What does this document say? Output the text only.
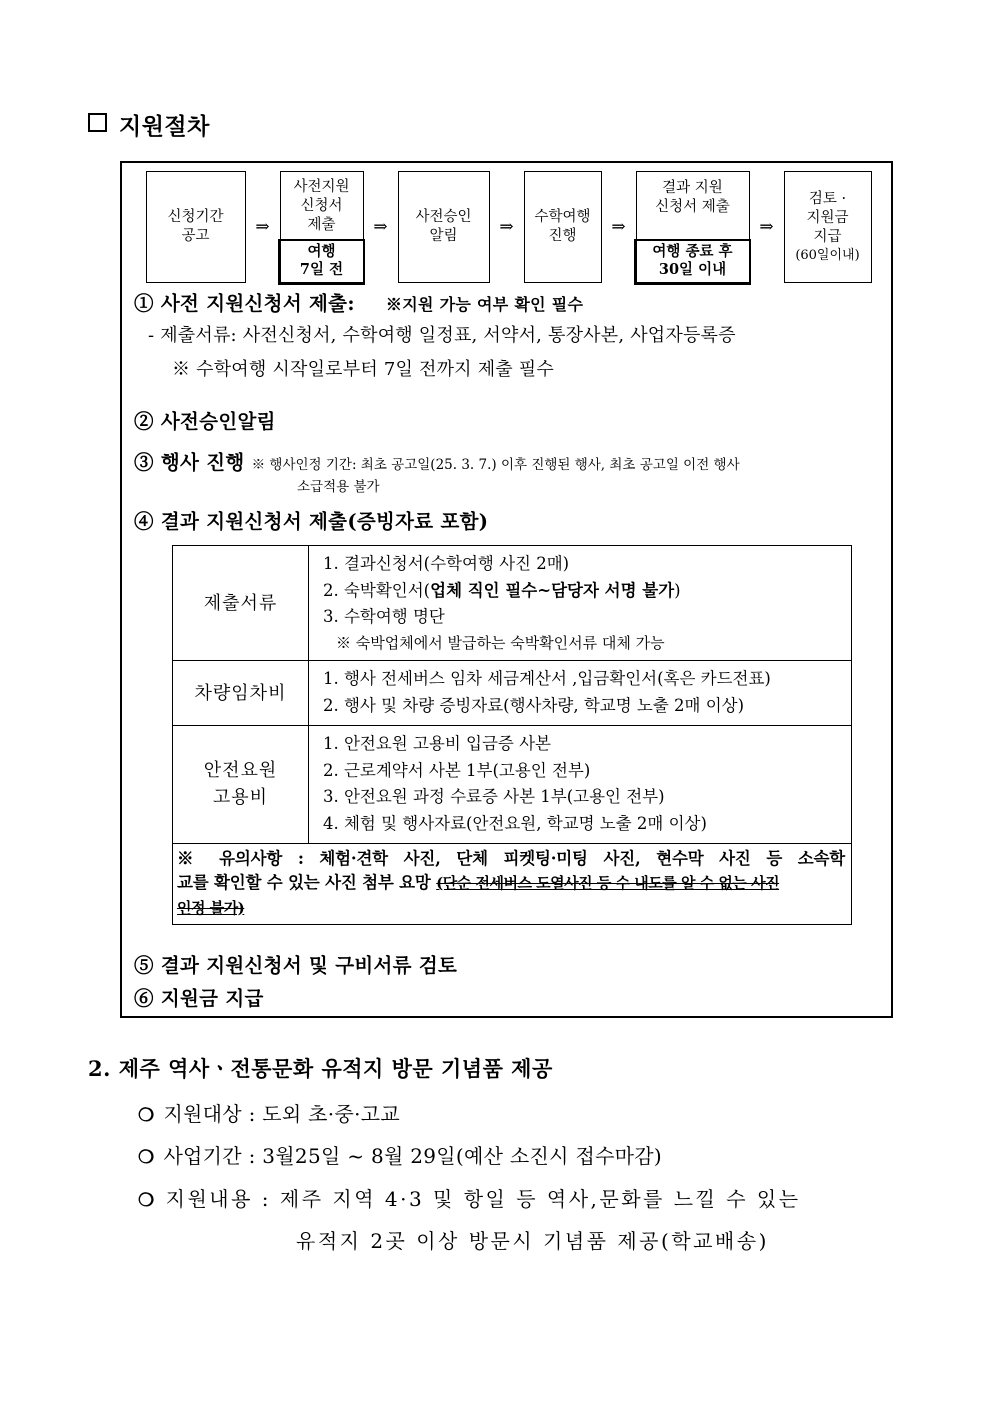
지원절차
신청기간
공고	⇒
사전지원
신청서
제출
여행
7일 전
⇒
사전승인
알림	⇒
수학여행
진행	⇒
결과 지원
신청서 제출
여행 종료 후
30일 이내
⇒
검토 ·
지원금
지급
(60일이내)
① 사전 지원신청서 제출: ※지원 가능 여부 확인 필수
- 제출서류: 사전신청서, 수학여행 일정표, 서약서, 통장사본, 사업자등록증
※ 수학여행 시작일로부터 7일 전까지 제출 필수
② 사전승인알림
③ 행사 진행 ※ 행사인정 기간: 최초 공고일(25. 3. 7.) 이후 진행된 행사, 최초 공고일 이전 행사
소급적용 불가
④ 결과 지원신청서 제출(증빙자료 포함)
제출서류	1. 결과신청서(수학여행 사진 2매)
2. 숙박확인서(업체 직인 필수~담당자 서명 불가)
3. 수학여행 명단
※ 숙박업체에서 발급하는 숙박확인서류 대체 가능

차량임차비	1. 행사 전세버스 임차 세금계산서 ,입금확인서(혹은 카드전표)
2. 행사 및 차량 증빙자료(행사차량, 학교명 노출 2매 이상)

안전요원
고용비

1. 안전요원 고용비 입금증 사본
2. 근로계약서 사본 1부(고용인 전부)
3. 안전요원 과정 수료증 사본 1부(고용인 전부)
4. 체험 및 행사자료(안전요원, 학교명 노출 2매 이상)

※ 유의사항 : 체험·견학 사진, 단체 피켓팅·미팅 사진, 현수막 사진 등 소속학
교를 확인할 수 있는 사진 첨부 요망 (단순 전세버스 도열사진 등 수 내도를 알 수 없는 사진
인정 불가)	
⑤ 결과 지원신청서 및 구비서류 검토
⑥ 지원금 지급
2. 제주 역사ㆍ전통문화 유적지 방문 기념품 제공
❍ 지원대상 : 도외 초·중·고교
❍ 사업기간 : 3월25일 ~ 8월 29일(예산 소진시 접수마감)
❍ 지원내용 : 제주 지역 4·3 및 항일 등 역사,문화를 느낄 수 있는
유적지 2곳 이상 방문시 기념품 제공(학교배송)
